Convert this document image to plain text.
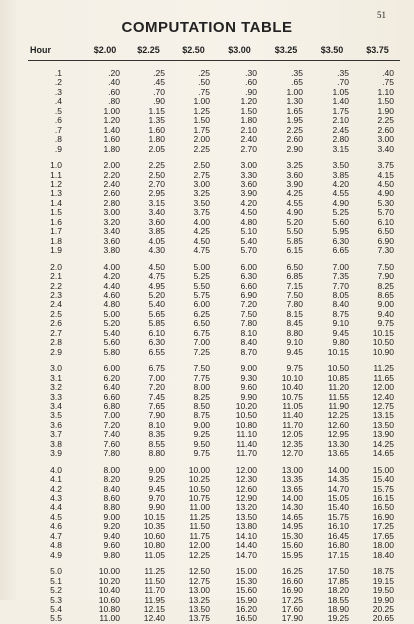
51
COMPUTATION TABLE
Hour	$2.00	$2.25	$2.50	$3.00	$3.25	$3.50	$3.75

.1	.20	.25	.25	.30	.35	.35	.40
.2	.40	.45	.50	.60	.65	.70	.75
.3	.60	.70	.75	.90	1.00	1.05	1.10
.4	.80	.90	1.00	1.20	1.30	1.40	1.50
.5	1.00	1.15	1.25	1.50	1.65	1.75	1.90
.6	1.20	1.35	1.50	1.80	1.95	2.10	2.25
.7	1.40	1.60	1.75	2.10	2.25	2.45	2.60
.8	1.60	1.80	2.00	2.40	2.60	2.80	3.00
.9	1.80	2.05	2.25	2.70	2.90	3.15	3.40

1.0	2.00	2.25	2.50	3.00	3.25	3.50	3.75
1.1	2.20	2.50	2.75	3.30	3.60	3.85	4.15
1.2	2.40	2.70	3.00	3.60	3.90	4.20	4.50
1.3	2.60	2.95	3.25	3.90	4.25	4.55	4.90
1.4	2.80	3.15	3.50	4.20	4.55	4.90	5.30
1.5	3.00	3.40	3.75	4.50	4.90	5.25	5.70
1.6	3.20	3.60	4.00	4.80	5.20	5.60	6.10
1.7	3.40	3.85	4.25	5.10	5.50	5.95	6.50
1.8	3.60	4.05	4.50	5.40	5.85	6.30	6.90
1.9	3.80	4.30	4.75	5.70	6.15	6.65	7.30

2.0	4.00	4.50	5.00	6.00	6.50	7.00	7.50
2.1	4.20	4.75	5.25	6.30	6.85	7.35	7.90
2.2	4.40	4.95	5.50	6.60	7.15	7.70	8.25
2.3	4.60	5.20	5.75	6.90	7.50	8.05	8.65
2.4	4.80	5.40	6.00	7.20	7.80	8.40	9.00
2.5	5.00	5.65	6.25	7.50	8.15	8.75	9.40
2.6	5.20	5.85	6.50	7.80	8.45	9.10	9.75
2.7	5.40	6.10	6.75	8.10	8.80	9.45	10.15
2.8	5.60	6.30	7.00	8.40	9.10	9.80	10.50
2.9	5.80	6.55	7.25	8.70	9.45	10.15	10.90

3.0	6.00	6.75	7.50	9.00	9.75	10.50	11.25
3.1	6.20	7.00	7.75	9.30	10.10	10.85	11.65
3.2	6.40	7.20	8.00	9.60	10.40	11.20	12.00
3.3	6.60	7.45	8.25	9.90	10.75	11.55	12.40
3.4	6.80	7.65	8.50	10.20	11.05	11.90	12.75
3.5	7.00	7.90	8.75	10.50	11.40	12.25	13.15
3.6	7.20	8.10	9.00	10.80	11.70	12.60	13.50
3.7	7.40	8.35	9.25	11.10	12.05	12.95	13.90
3.8	7.60	8.55	9.50	11.40	12.35	13.30	14.25
3.9	7.80	8.80	9.75	11.70	12.70	13.65	14.65

4.0	8.00	9.00	10.00	12.00	13.00	14.00	15.00
4.1	8.20	9.25	10.25	12.30	13.35	14.35	15.40
4.2	8.40	9.45	10.50	12.60	13.65	14.70	15.75
4.3	8.60	9.70	10.75	12.90	14.00	15.05	16.15
4.4	8.80	9.90	11.00	13.20	14.30	15.40	16.50
4.5	9.00	10.15	11.25	13.50	14.65	15.75	16.90
4.6	9.20	10.35	11.50	13.80	14.95	16.10	17.25
4.7	9.40	10.60	11.75	14.10	15.30	16.45	17.65
4.8	9.60	10.80	12.00	14.40	15.60	16.80	18.00
4.9	9.80	11.05	12.25	14.70	15.95	17.15	18.40

5.0	10.00	11.25	12.50	15.00	16.25	17.50	18.75
5.1	10.20	11.50	12.75	15.30	16.60	17.85	19.15
5.2	10.40	11.70	13.00	15.60	16.90	18.20	19.50
5.3	10.60	11.95	13.25	15.90	17.25	18.55	19.90
5.4	10.80	12.15	13.50	16.20	17.60	18.90	20.25
5.5	11.00	12.40	13.75	16.50	17.90	19.25	20.65
